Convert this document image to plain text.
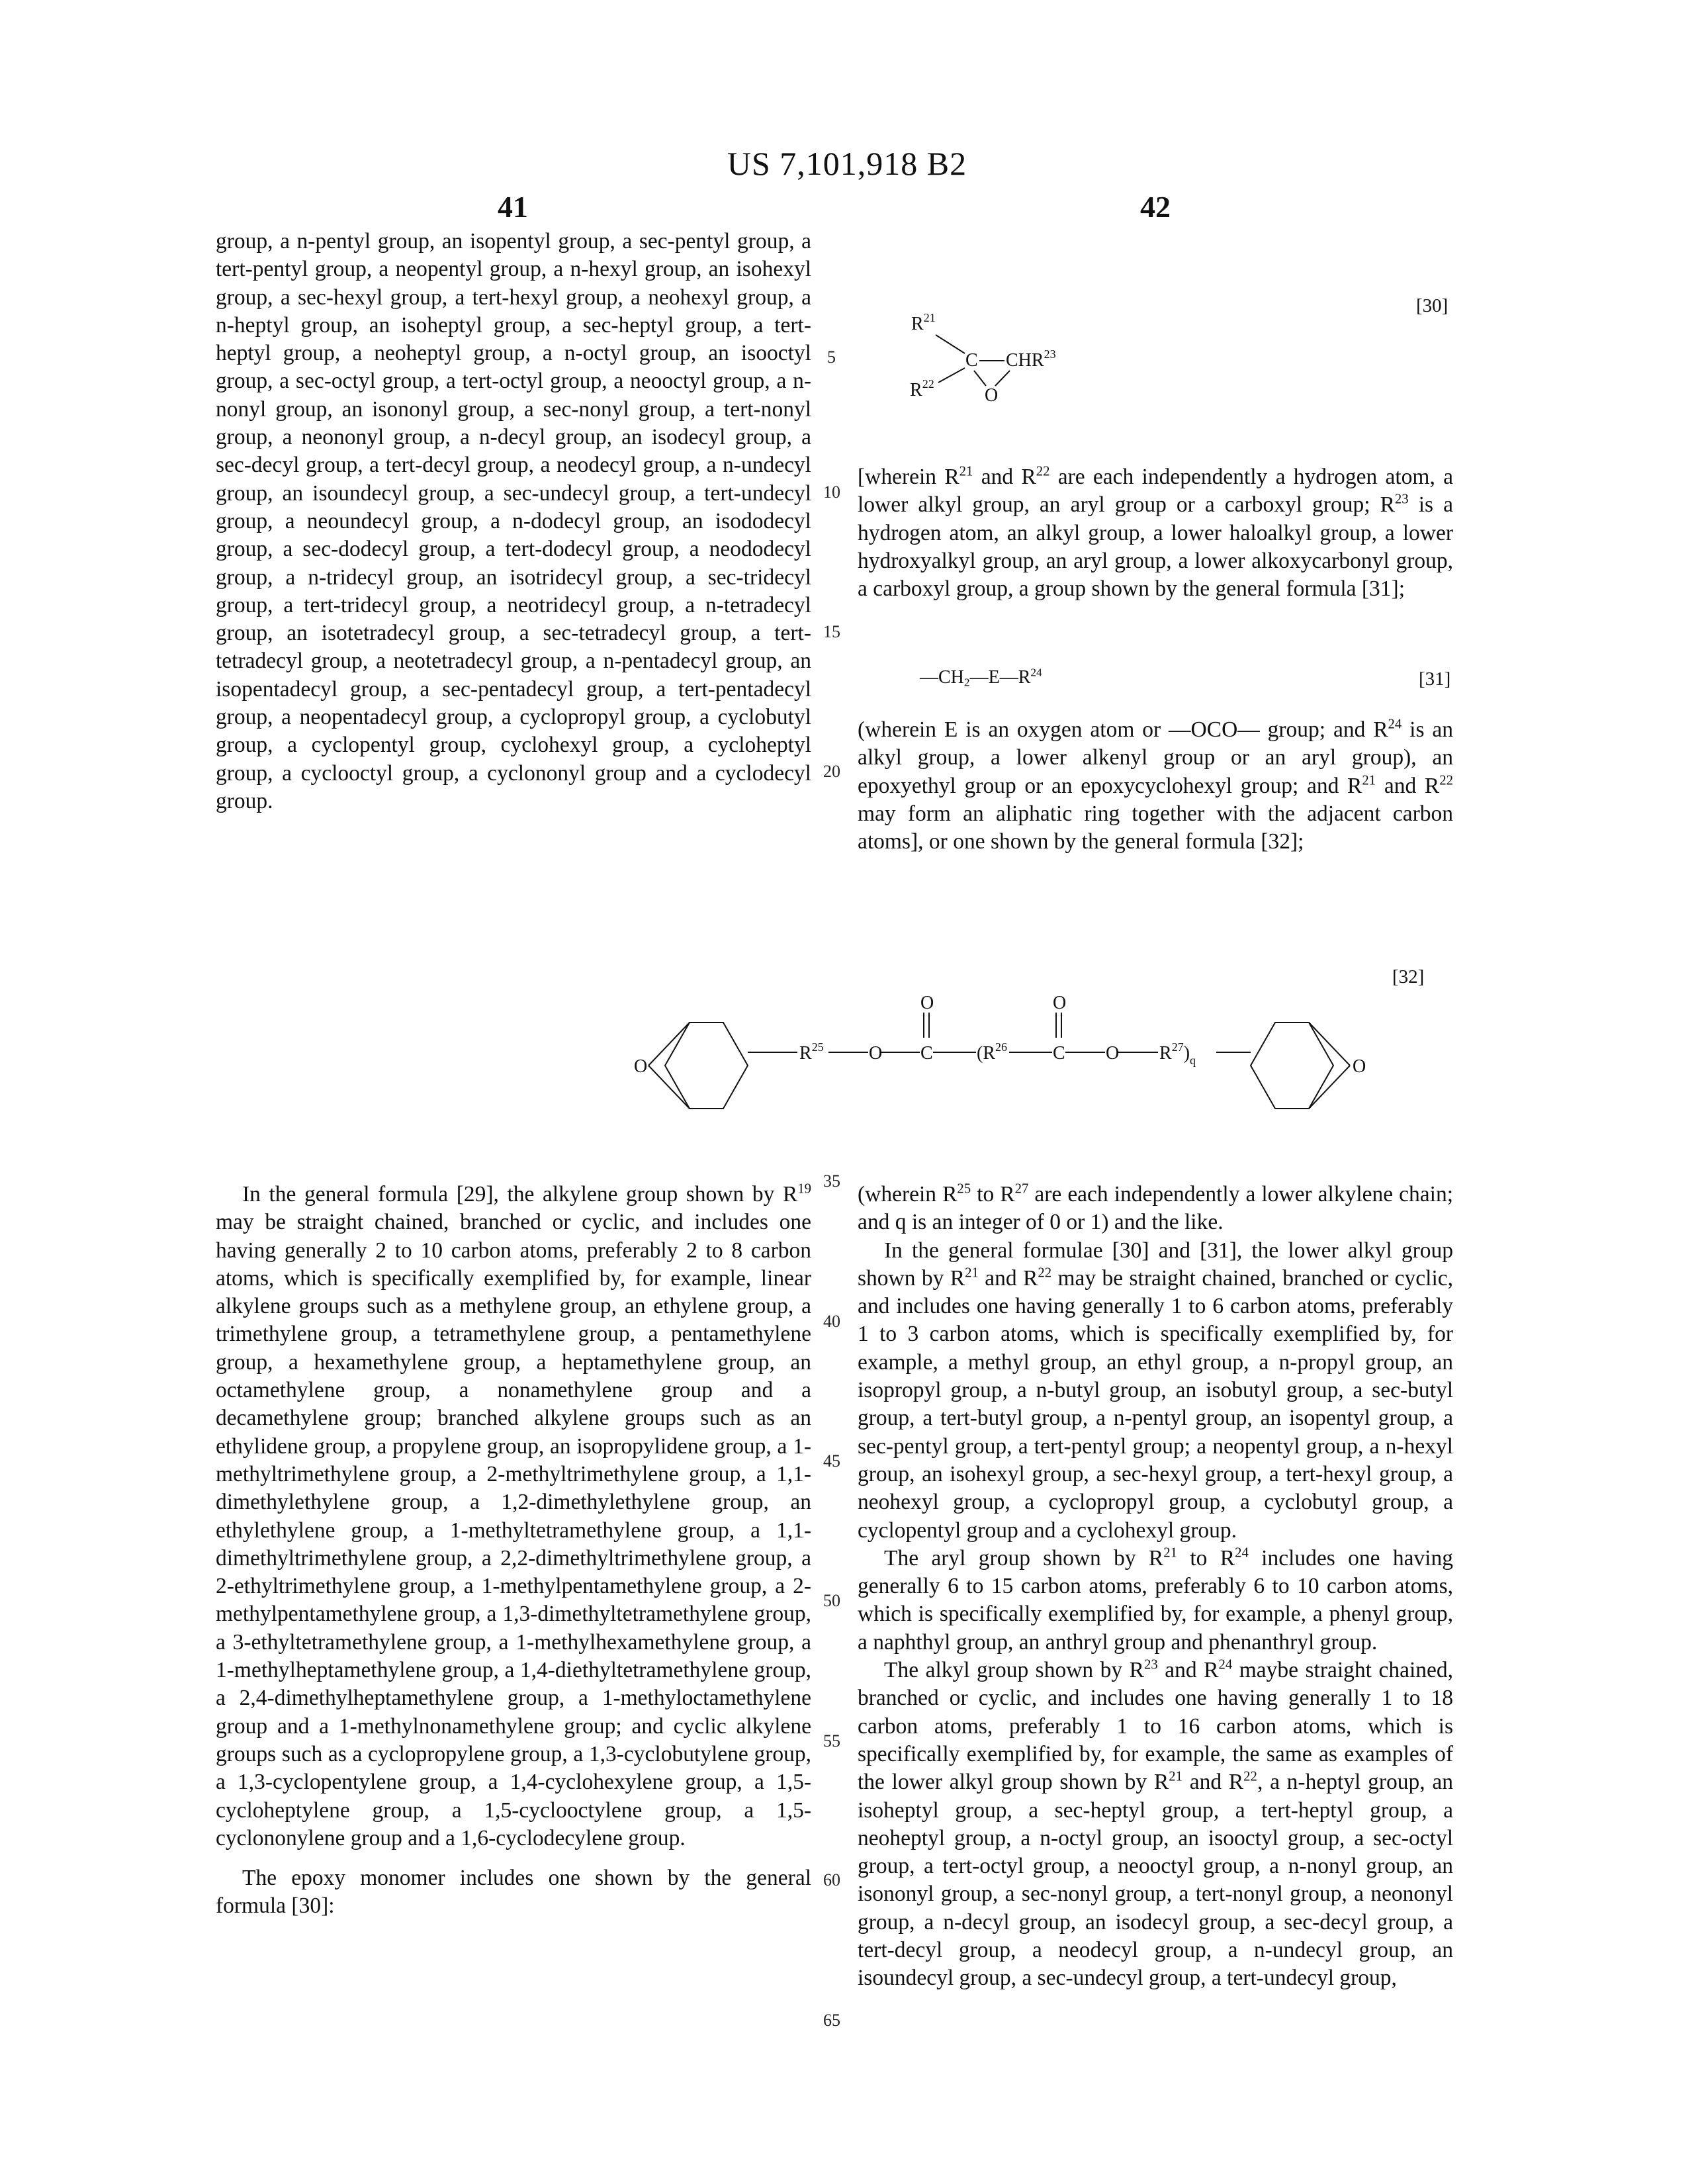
US 7,101,918 B2
41	42
5
10
15
20
35
40
45
50
55
60
65

group, a n-pentyl group, an isopentyl group, a sec-pentyl group, a tert-pentyl group, a neopentyl group, a n-hexyl group, an isohexyl group, a sec-hexyl group, a tert-hexyl group, a neohexyl group, a n-heptyl group, an isoheptyl group, a sec-heptyl group, a tert-heptyl group, a neoheptyl group, a n-octyl group, an isooctyl group, a sec-octyl group, a tert-octyl group, a neooctyl group, a n-nonyl group, an isononyl group, a sec-nonyl group, a tert-nonyl group, a neononyl group, a n-decyl group, an isodecyl group, a sec-decyl group, a tert-decyl group, a neodecyl group, a n-undecyl group, an isoundecyl group, a sec-undecyl group, a tert-undecyl group, a neoundecyl group, a n-dodecyl group, an isododecyl group, a sec-dodecyl group, a tert-dodecyl group, a neododecyl group, a n-tridecyl group, an isotridecyl group, a sec-tridecyl group, a tert-tridecyl group, a neotridecyl group, a n-tetradecyl group, an isotetradecyl group, a sec-tetradecyl group, a tert-tetradecyl group, a neotetradecyl group, a n-pentadecyl group, an isopentadecyl group, a sec-pentadecyl group, a tert-pentadecyl group, a neopentadecyl group, a cyclopropyl group, a cyclobutyl group, a cyclopentyl group, cyclohexyl group, a cycloheptyl group, a cyclooctyl group, a cyclononyl group and a cyclodecyl group.

[30]
R21
R22
C CHR23
O

[wherein R21 and R22 are each independently a hydrogen atom, a lower alkyl group, an aryl group or a carboxyl group; R23 is a hydrogen atom, an alkyl group, a lower haloalkyl group, a lower hydroxyalkyl group, an aryl group, a lower alkoxycarbonyl group, a carboxyl group, a group shown by the general formula [31];

—CH2—E—R24	[31]

(wherein E is an oxygen atom or —OCO— group; and R24 is an alkyl group, a lower alkenyl group or an aryl group), an epoxyethyl group or an epoxycyclohexyl group; and R21 and R22 may form an aliphatic ring together with the adjacent carbon atoms], or one shown by the general formula [32];

[32]
O	O
R25 O C
O
(R26 C
O
O R27)q

In the general formula [29], the alkylene group shown by R19 may be straight chained, branched or cyclic, and includes one having generally 2 to 10 carbon atoms, preferably 2 to 8 carbon atoms, which is specifically exemplified by, for example, linear alkylene groups such as a methylene group, an ethylene group, a trimethylene group, a tetramethylene group, a pentamethylene group, a hexamethylene group, a heptamethylene group, an octamethylene group, a nonamethylene group and a decamethylene group; branched alkylene groups such as an ethylidene group, a propylene group, an isopropylidene group, a 1-methyltrimethylene group, a 2-methyltrimethylene group, a 1,1-dimethylethylene group, a 1,2-dimethylethylene group, an ethylethylene group, a 1-methyltetramethylene group, a 1,1-dimethyltrimethylene group, a 2,2-dimethyltrimethylene group, a 2-ethyltrimethylene group, a 1-methylpentamethylene group, a 2-methylpentamethylene group, a 1,3-dimethyltetramethylene group, a 3-ethyltetramethylene group, a 1-methylhexamethylene group, a 1-methylheptamethylene group, a 1,4-diethyltetramethylene group, a 2,4-dimethylheptamethylene group, a 1-methyloctamethylene group and a 1-methylnonamethylene group; and cyclic alkylene groups such as a cyclopropylene group, a 1,3-cyclobutylene group, a 1,3-cyclopentylene group, a 1,4-cyclohexylene group, a 1,5-cycloheptylene group, a 1,5-cyclooctylene group, a 1,5-cyclononylene group and a 1,6-cyclodecylene group.

The epoxy monomer includes one shown by the general formula [30]:

(wherein R25 to R27 are each independently a lower alkylene chain; and q is an integer of 0 or 1) and the like.

In the general formulae [30] and [31], the lower alkyl group shown by R21 and R22 may be straight chained, branched or cyclic, and includes one having generally 1 to 6 carbon atoms, preferably 1 to 3 carbon atoms, which is specifically exemplified by, for example, a methyl group, an ethyl group, a n-propyl group, an isopropyl group, a n-butyl group, an isobutyl group, a sec-butyl group, a tert-butyl group, a n-pentyl group, an isopentyl group, a sec-pentyl group, a tert-pentyl group; a neopentyl group, a n-hexyl group, an isohexyl group, a sec-hexyl group, a tert-hexyl group, a neohexyl group, a cyclopropyl group, a cyclobutyl group, a cyclopentyl group and a cyclohexyl group.

The aryl group shown by R21 to R24 includes one having generally 6 to 15 carbon atoms, preferably 6 to 10 carbon atoms, which is specifically exemplified by, for example, a phenyl group, a naphthyl group, an anthryl group and phenanthryl group.

The alkyl group shown by R23 and R24 maybe straight chained, branched or cyclic, and includes one having generally 1 to 18 carbon atoms, preferably 1 to 16 carbon atoms, which is specifically exemplified by, for example, the same as examples of the lower alkyl group shown by R21 and R22, a n-heptyl group, an isoheptyl group, a sec-heptyl group, a tert-heptyl group, a neoheptyl group, a n-octyl group, an isooctyl group, a sec-octyl group, a tert-octyl group, a neooctyl group, a n-nonyl group, an isononyl group, a sec-nonyl group, a tert-nonyl group, a neononyl group, a n-decyl group, an isodecyl group, a sec-decyl group, a tert-decyl group, a neodecyl group, a n-undecyl group, an isoundecyl group, a sec-undecyl group, a tert-undecyl group,
